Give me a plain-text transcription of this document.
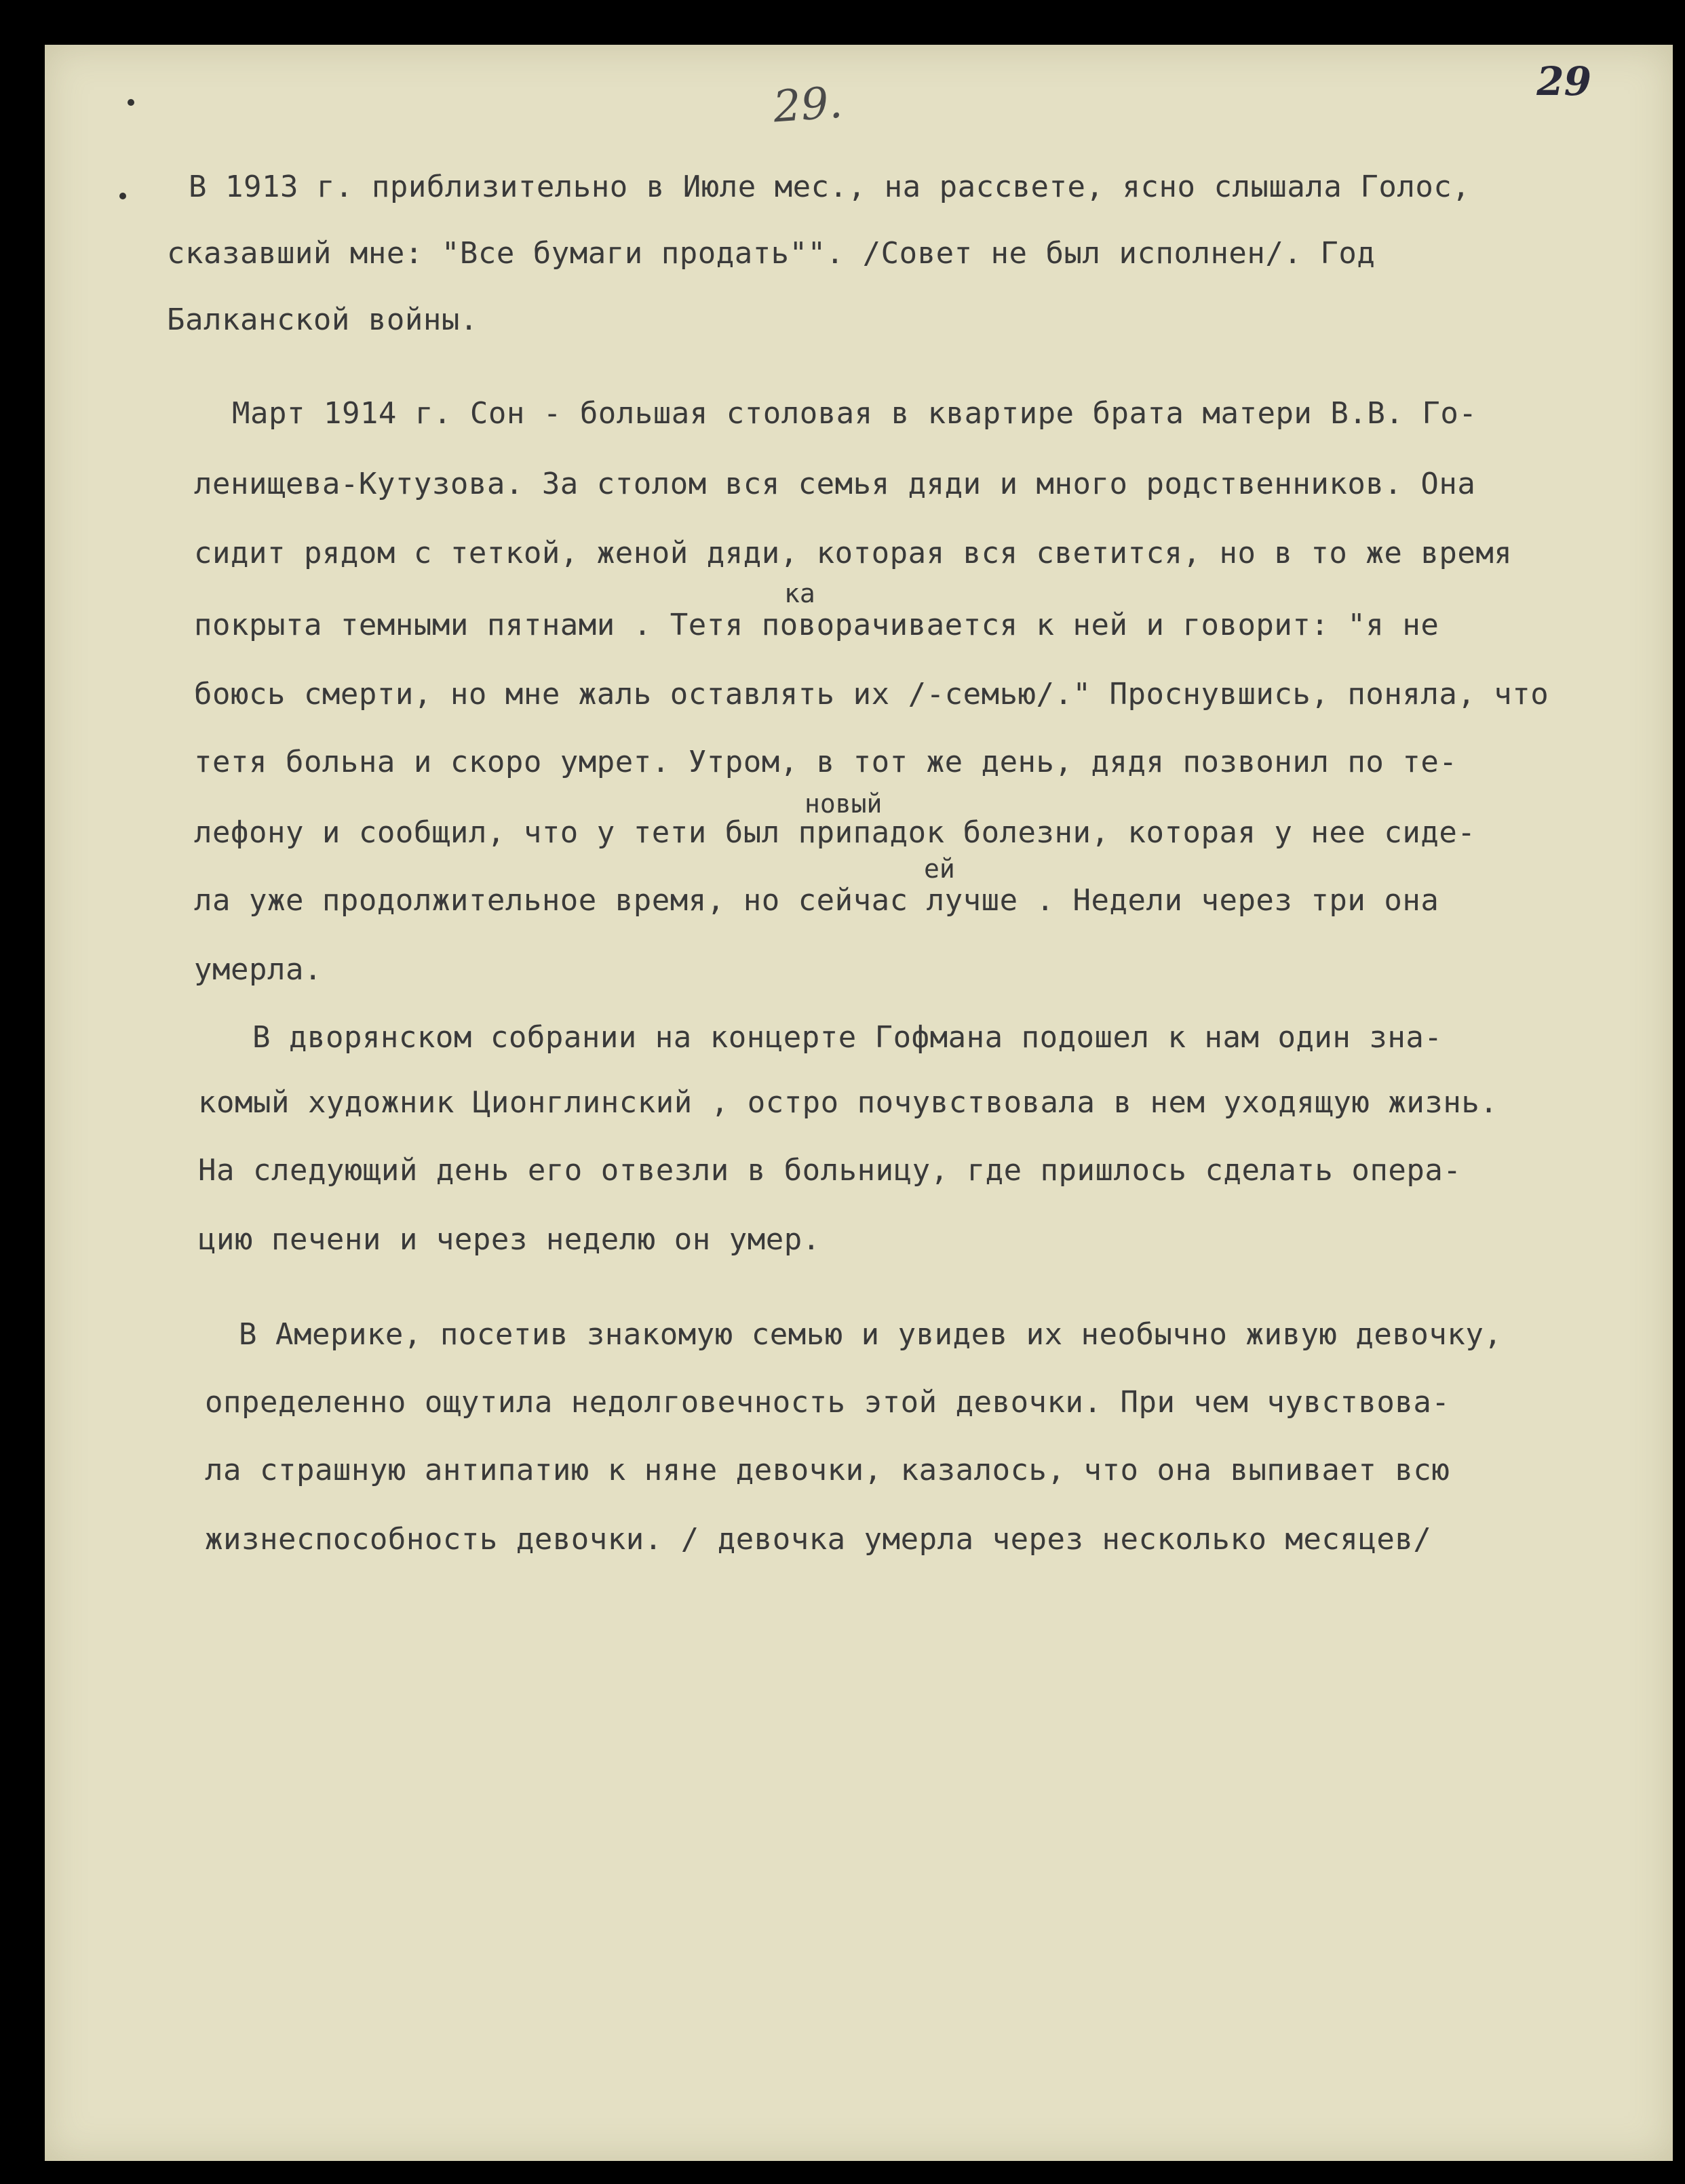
29.	29
В 1913 г. приблизительно в Июле мес., на рассвете, ясно слышала Голос,
сказавший мне: "Все бумаги продать"". /Совет не был исполнен/. Год
Балканской войны.
Март 1914 г. Сон - большая столовая в квартире брата матери В.В. Го-
ленищева-Кутузова. За столом вся семья дяди и много родственников. Она
сидит рядом с теткой, женой дяди, которая вся светится, но в то же время
ка
покрыта темными пятнами . Тетя поворачивается к ней и говорит: "я не
боюсь смерти, но мне жаль оставлять их /-семью/." Проснувшись, поняла, что
тетя больна и скоро умрет. Утром, в тот же день, дядя позвонил по те-
новый
лефону и сообщил, что у тети был припадок болезни, которая у нее сиде-
ей
ла уже продолжительное время, но сейчас лучше . Недели через три она
умерла.
В дворянском собрании на концерте Гофмана подошел к нам один зна-
комый художник Ционглинский , остро почувствовала в нем уходящую жизнь.
На следующий день его отвезли в больницу, где пришлось сделать опера-
цию печени и через неделю он умер.
В Америке, посетив знакомую семью и увидев их необычно живую девочку,
определенно ощутила недолговечность этой девочки. При чем чувствова-
ла страшную антипатию к няне девочки, казалось, что она выпивает всю
жизнеспособность девочки. / девочка умерла через несколько месяцев/
